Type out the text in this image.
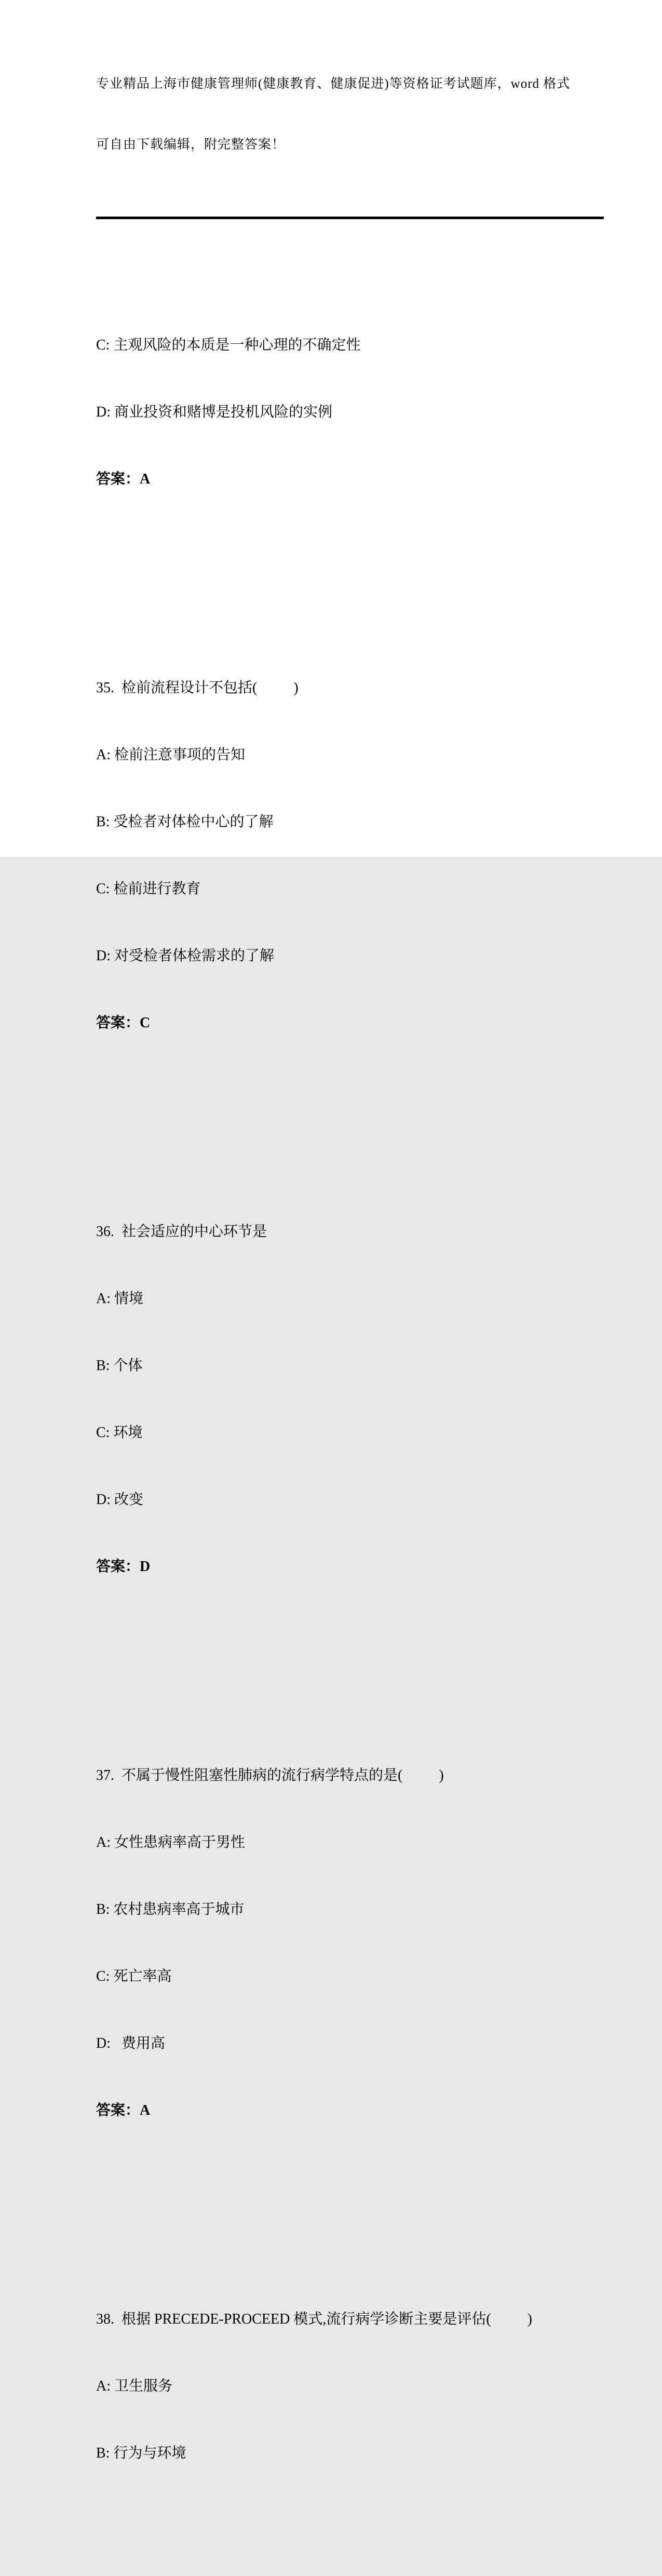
专业精品上海市健康管理师(健康教育、健康促进)等资格证考试题库，word 格式

可自由下载编辑，附完整答案！

C: 主观风险的本质是一种心理的不确定性

D: 商业投资和赌博是投机风险的实例

答案：A

35.  检前流程设计不包括(          )

A: 检前注意事项的告知

B: 受检者对体检中心的了解

C: 检前进行教育

D: 对受检者体检需求的了解

答案：C

36.  社会适应的中心环节是

A: 情境

B: 个体

C: 环境

D: 改变

答案：D

37.  不属于慢性阻塞性肺病的流行病学特点的是(          )

A: 女性患病率高于男性

B: 农村患病率高于城市

C: 死亡率高

D:   费用高

答案：A

38.  根据 PRECEDE-PROCEED 模式,流行病学诊断主要是评估(          )

A: 卫生服务

B: 行为与环境
